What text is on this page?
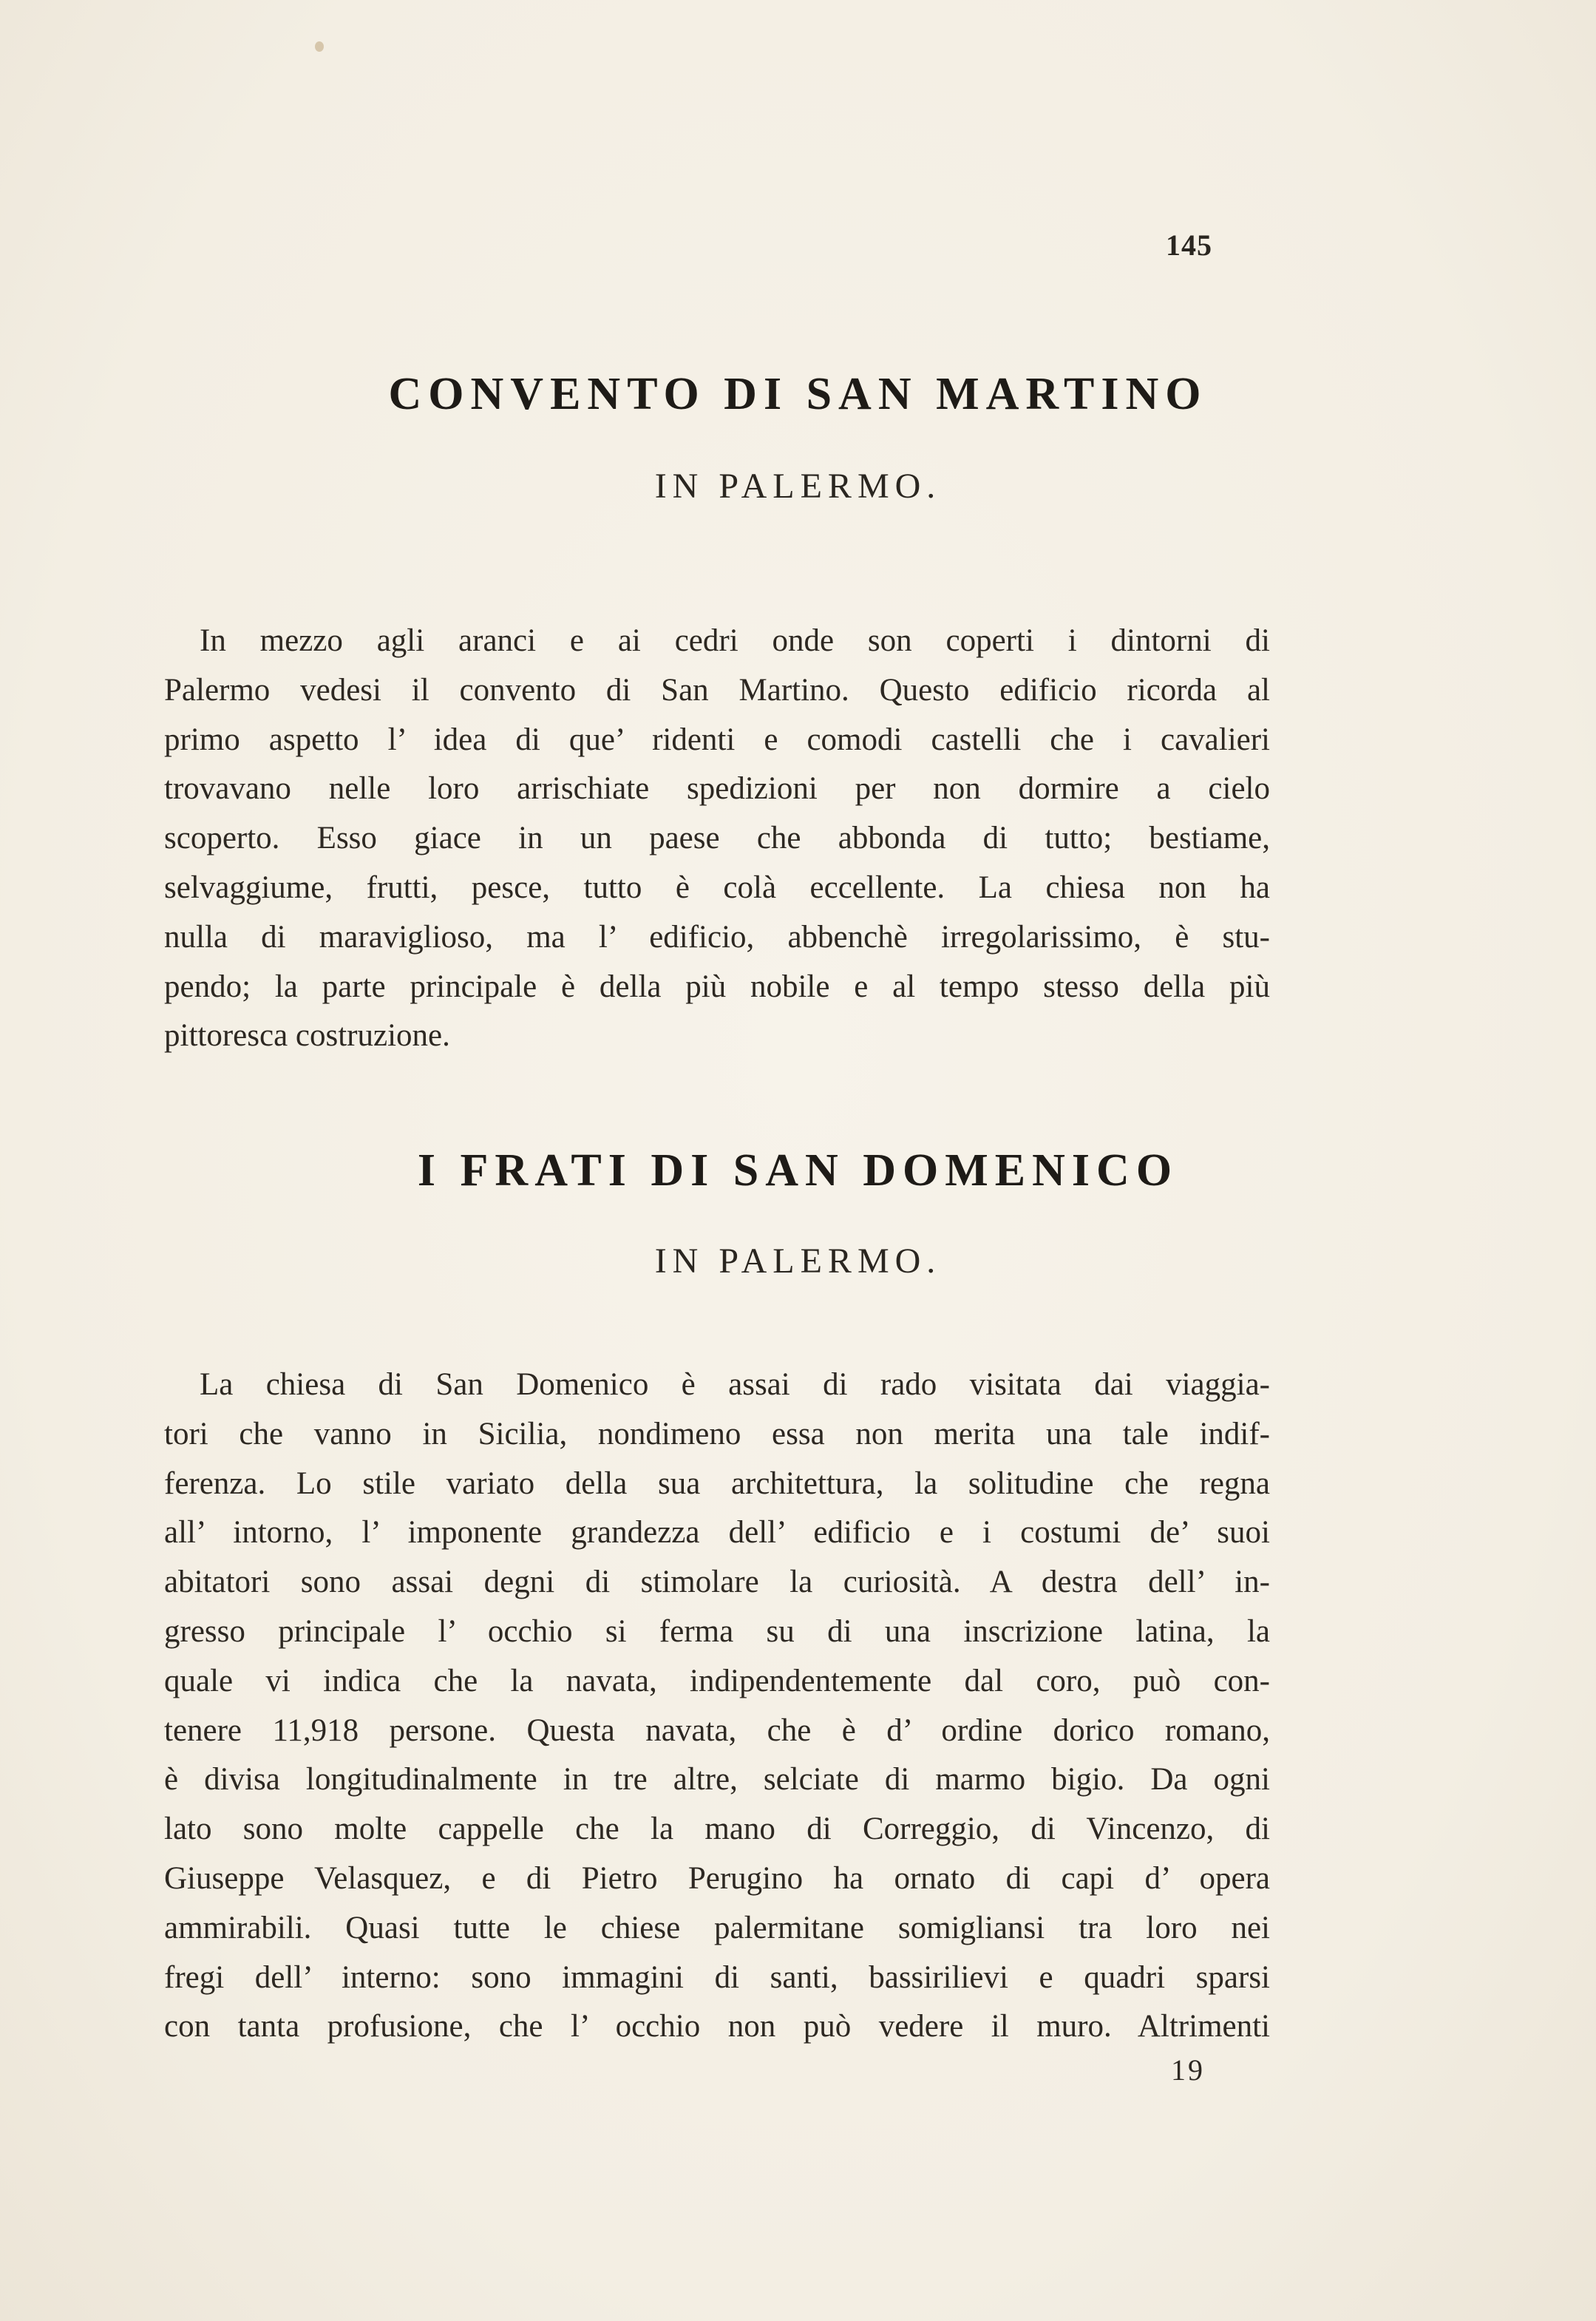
145
CONVENTO DI SAN MARTINO
IN PALERMO.
In mezzo agli aranci e ai cedri onde son coperti i dintorni di
Palermo vedesi il convento di San Martino. Questo edificio ricorda al
primo aspetto l’ idea di que’ ridenti e comodi castelli che i cavalieri
trovavano nelle loro arrischiate spedizioni per non dormire a cielo
scoperto. Esso giace in un paese che abbonda di tutto; bestiame,
selvaggiume, frutti, pesce, tutto è colà eccellente. La chiesa non ha
nulla di maraviglioso, ma l’ edificio, abbenchè irregolarissimo, è stu-
pendo; la parte principale è della più nobile e al tempo stesso della più
pittoresca costruzione.
I FRATI DI SAN DOMENICO
IN PALERMO.
La chiesa di San Domenico è assai di rado visitata dai viaggia-
tori che vanno in Sicilia, nondimeno essa non merita una tale indif-
ferenza. Lo stile variato della sua architettura, la solitudine che regna
all’ intorno, l’ imponente grandezza dell’ edificio e i costumi de’ suoi
abitatori sono assai degni di stimolare la curiosità. A destra dell’ in-
gresso principale l’ occhio si ferma su di una inscrizione latina, la
quale vi indica che la navata, indipendentemente dal coro, può con-
tenere 11,918 persone. Questa navata, che è d’ ordine dorico romano,
è divisa longitudinalmente in tre altre, selciate di marmo bigio. Da ogni
lato sono molte cappelle che la mano di Correggio, di Vincenzo, di
Giuseppe Velasquez, e di Pietro Perugino ha ornato di capi d’ opera
ammirabili. Quasi tutte le chiese palermitane somigliansi tra loro nei
fregi dell’ interno: sono immagini di santi, bassirilievi e quadri sparsi
con tanta profusione, che l’ occhio non può vedere il muro. Altrimenti
19
